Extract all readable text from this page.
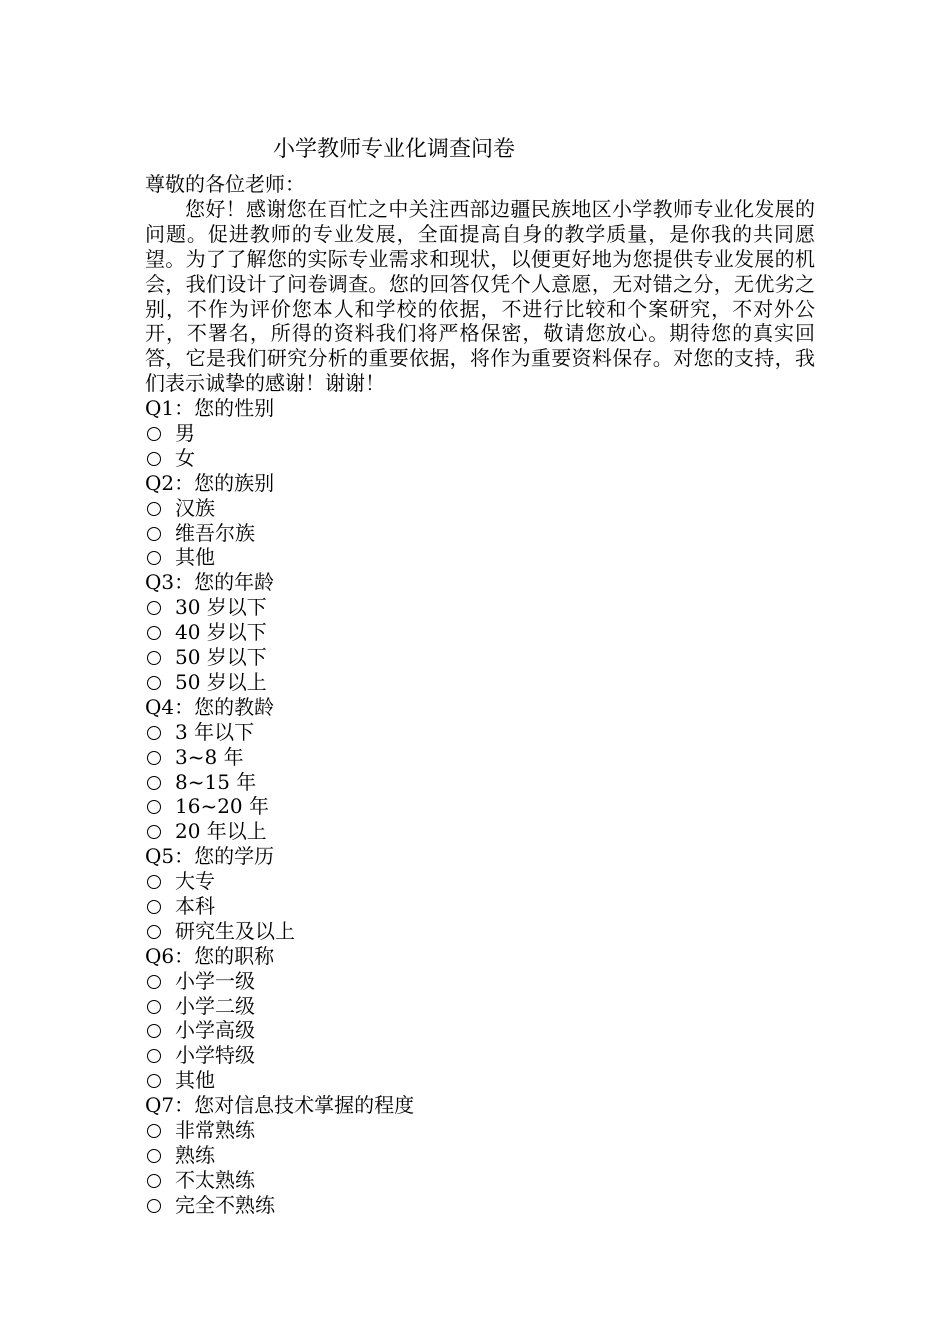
小学教师专业化调查问卷
尊敬的各位老师：

您好！感谢您在百忙之中关注西部边疆民族地区小学教师专业化发展的问题。促进教师的专业发展，全面提高自身的教学质量，是你我的共同愿望。为了了解您的实际专业需求和现状，以便更好地为您提供专业发展的机会，我们设计了问卷调查。您的回答仅凭个人意愿，无对错之分，无优劣之别，不作为评价您本人和学校的依据，不进行比较和个案研究，不对外公开，不署名，所得的资料我们将严格保密，敬请您放心。期待您的真实回答，它是我们研究分析的重要依据，将作为重要资料保存。对您的支持，我们表示诚挚的感谢！谢谢！

Q1：您的性别
男
女
Q2：您的族别
汉族
维吾尔族
其他
Q3：您的年龄
30 岁以下
40 岁以下
50 岁以下
50 岁以上
Q4：您的教龄
3 年以下
3~8 年
8~15 年
16~20 年
20 年以上
Q5：您的学历
大专
本科
研究生及以上
Q6：您的职称
小学一级
小学二级
小学高级
小学特级
其他
Q7：您对信息技术掌握的程度
非常熟练
熟练
不太熟练
完全不熟练
